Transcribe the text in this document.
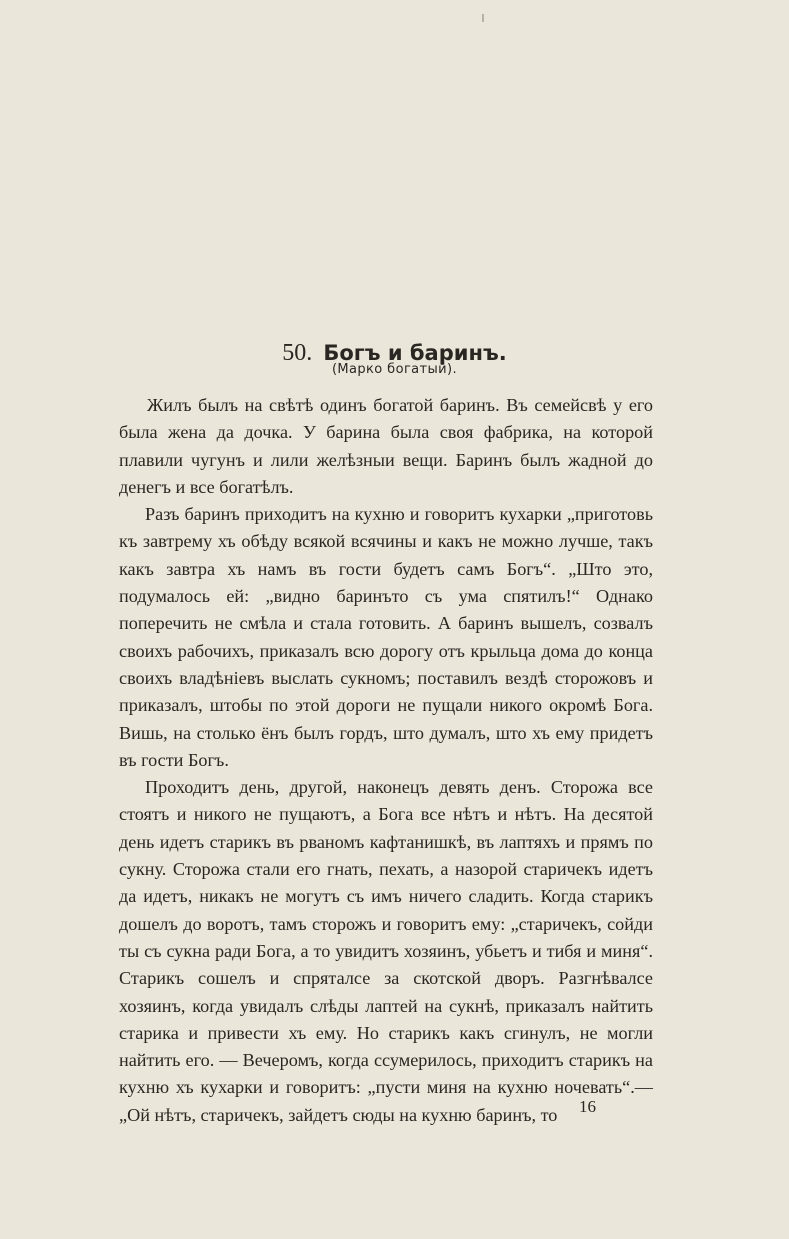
50. Богъ и баринъ.
(Марко богатый).

Жилъ былъ на свѣтѣ одинъ богатой баринъ. Въ семейсвѣ у его была жена да дочка. У барина была своя фабрика, на которой плавили чугунъ и лили желѣзныи вещи. Баринъ былъ жадной до денегъ и все богатѣлъ.

Разъ баринъ приходитъ на кухню и говоритъ кухарки „приготовь къ завтрему хъ обѣду всякой всячины и какъ не можно лучше, такъ какъ завтра хъ намъ въ гости будетъ самъ Богъ“. „Што это, подумалось ей: „видно баринъто съ ума спятилъ!“ Однако поперечить не смѣла и стала готовить. А баринъ вышелъ, созвалъ своихъ рабочихъ, приказалъ всю дорогу отъ крыльца дома до конца своихъ владѣнiевъ выслать сукномъ; поставилъ вездѣ сторожовъ и приказалъ, штобы по этой дороги не пущали никого окромѣ Бога. Вишь, на столько ёнъ былъ гордъ, што думалъ, што хъ ему придетъ въ гости Богъ.

Проходитъ день, другой, наконецъ девять денъ. Сторожа все стоятъ и никого не пущаютъ, а Бога все нѣтъ и нѣтъ. На десятой день идетъ старикъ въ рваномъ кафтанишкѣ, въ лаптяхъ и прямъ по сукну. Сторожа стали его гнать, пехать, а назорой старичекъ идетъ да идетъ, никакъ не могутъ съ имъ ничего сладить. Когда старикъ дошелъ до воротъ, тамъ сторожъ и говоритъ ему: „старичекъ, сойди ты съ сукна ради Бога, а то увидитъ хозяинъ, убьетъ и тибя и миня“. Старикъ сошелъ и спряталсе за скотской дворъ. Разгнѣвалсе хозяинъ, когда увидалъ слѣды лаптей на сукнѣ, приказалъ найтить старика и привести хъ ему. Но старикъ какъ сгинулъ, не могли найтить его. — Вечеромъ, когда ссумерилось, приходитъ старикъ на кухню хъ кухарки и говоритъ: „пусти миня на кухню ночевать“.— „Ой нѣтъ, старичекъ, зайдетъ сюды на кухню баринъ, то	16
